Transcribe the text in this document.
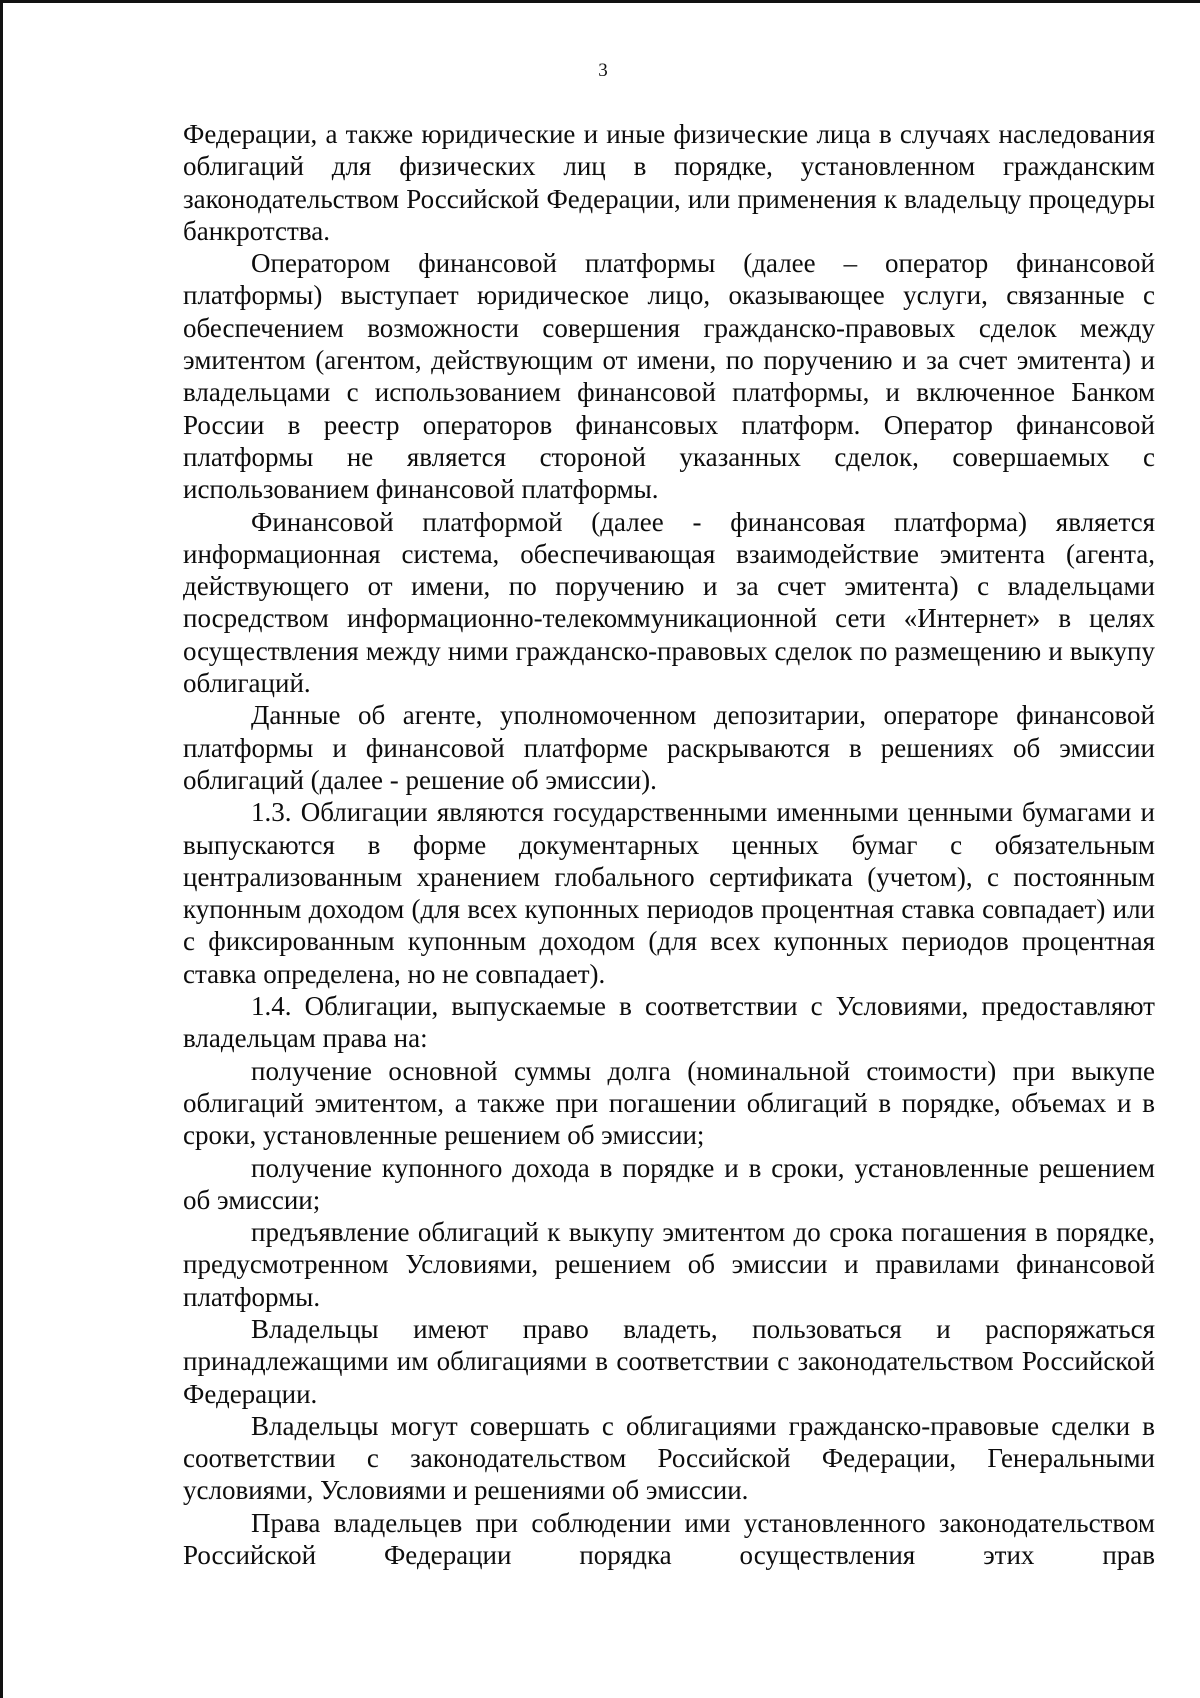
3

Федерации, а также юридические и иные физические лица в случаях наследования облигаций для физических лиц в порядке, установленном гражданским законодательством Российской Федерации, или применения к владельцу процедуры банкротства.

Оператором финансовой платформы (далее – оператор финансовой платформы) выступает юридическое лицо, оказывающее услуги, связанные с обеспечением возможности совершения гражданско-правовых сделок между эмитентом (агентом, действующим от имени, по поручению и за счет эмитента) и владельцами с использованием финансовой платформы, и включенное Банком России в реестр операторов финансовых платформ. Оператор финансовой платформы не является стороной указанных сделок, совершаемых с использованием финансовой платформы.

Финансовой платформой (далее - финансовая платформа) является информационная система, обеспечивающая взаимодействие эмитента (агента, действующего от имени, по поручению и за счет эмитента) с владельцами посредством информационно-телекоммуникационной сети «Интернет» в целях осуществления между ними гражданско-правовых сделок по размещению и выкупу облигаций.

Данные об агенте, уполномоченном депозитарии, операторе финансовой платформы и финансовой платформе раскрываются в решениях об эмиссии облигаций (далее - решение об эмиссии).

1.3. Облигации являются государственными именными ценными бумагами и выпускаются в форме документарных ценных бумаг с обязательным централизованным хранением глобального сертификата (учетом), с постоянным купонным доходом (для всех купонных периодов процентная ставка совпадает) или с фиксированным купонным доходом (для всех купонных периодов процентная ставка определена, но не совпадает).

1.4. Облигации, выпускаемые в соответствии с Условиями, предоставляют владельцам права на:

получение основной суммы долга (номинальной стоимости) при выкупе облигаций эмитентом, а также при погашении облигаций в порядке, объемах и в сроки, установленные решением об эмиссии;

получение купонного дохода в порядке и в сроки, установленные решением об эмиссии;

предъявление облигаций к выкупу эмитентом до срока погашения в порядке, предусмотренном Условиями, решением об эмиссии и правилами финансовой платформы.

Владельцы имеют право владеть, пользоваться и распоряжаться принадлежащими им облигациями в соответствии с законодательством Российской Федерации.

Владельцы могут совершать с облигациями гражданско-правовые сделки в соответствии с законодательством Российской Федерации, Генеральными условиями, Условиями и решениями об эмиссии.

Права владельцев при соблюдении ими установленного законодательством Российской Федерации порядка осуществления этих прав
